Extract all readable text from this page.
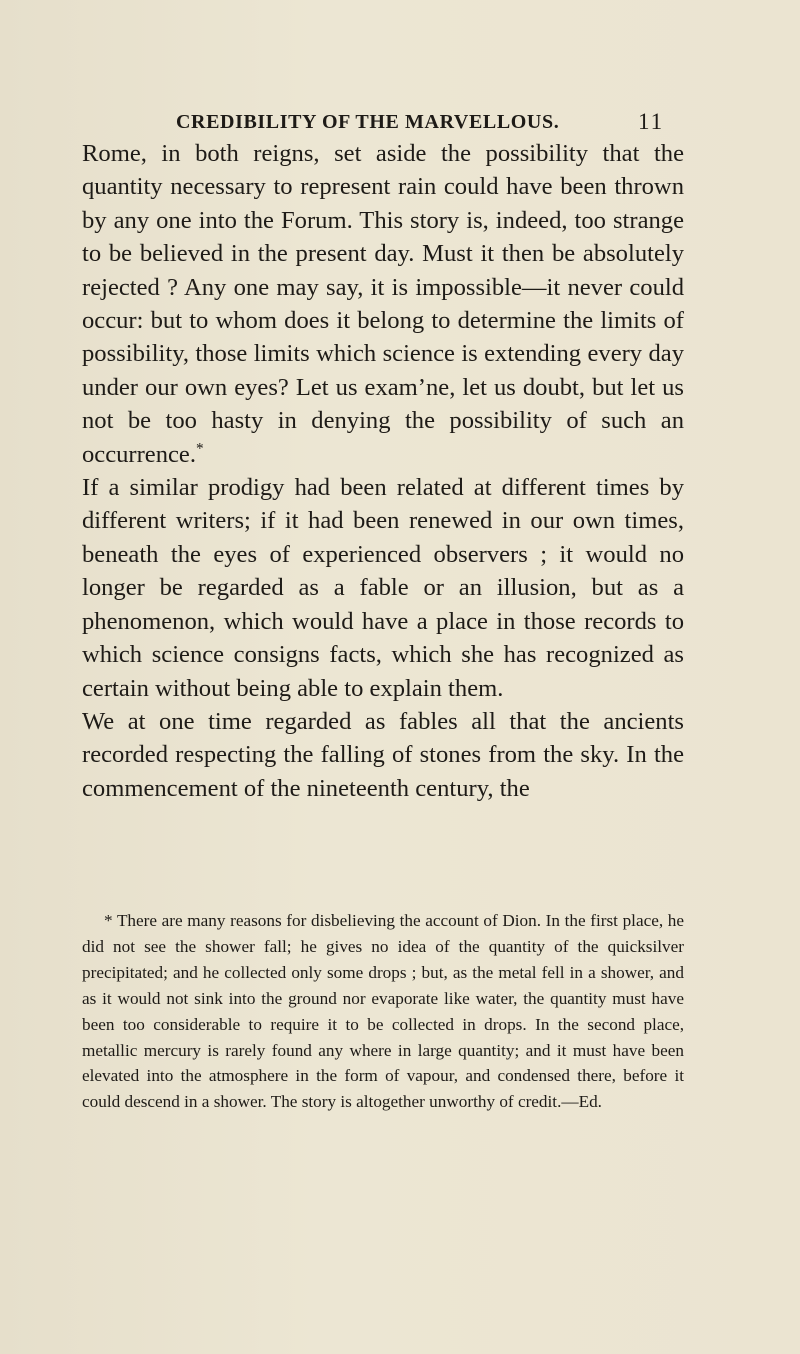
CREDIBILITY OF THE MARVELLOUS.	11

Rome, in both reigns, set aside the possibility that the quantity necessary to represent rain could have been thrown by any one into the Forum. This story is, indeed, too strange to be believed in the present day. Must it then be absolutely rejected ? Any one may say, it is impossible—it never could occur: but to whom does it belong to determine the limits of possibility, those limits which science is extending every day under our own eyes? Let us exam’ne, let us doubt, but let us not be too hasty in denying the possibility of such an occurrence.*

If a similar prodigy had been related at different times by different writers; if it had been renewed in our own times, beneath the eyes of experienced observers ; it would no longer be regarded as a fable or an illusion, but as a phenomenon, which would have a place in those records to which science consigns facts, which she has recognized as certain without being able to explain them.

We at one time regarded as fables all that the ancients recorded respecting the falling of stones from the sky. In the commencement of the nineteenth century, the

* There are many reasons for disbelieving the account of Dion. In the first place, he did not see the shower fall; he gives no idea of the quantity of the quicksilver precipitated; and he collected only some drops ; but, as the metal fell in a shower, and as it would not sink into the ground nor evaporate like water, the quantity must have been too considerable to require it to be collected in drops. In the second place, metallic mercury is rarely found any where in large quantity; and it must have been elevated into the atmosphere in the form of vapour, and condensed there, before it could descend in a shower. The story is altogether unworthy of credit.—Ed.
